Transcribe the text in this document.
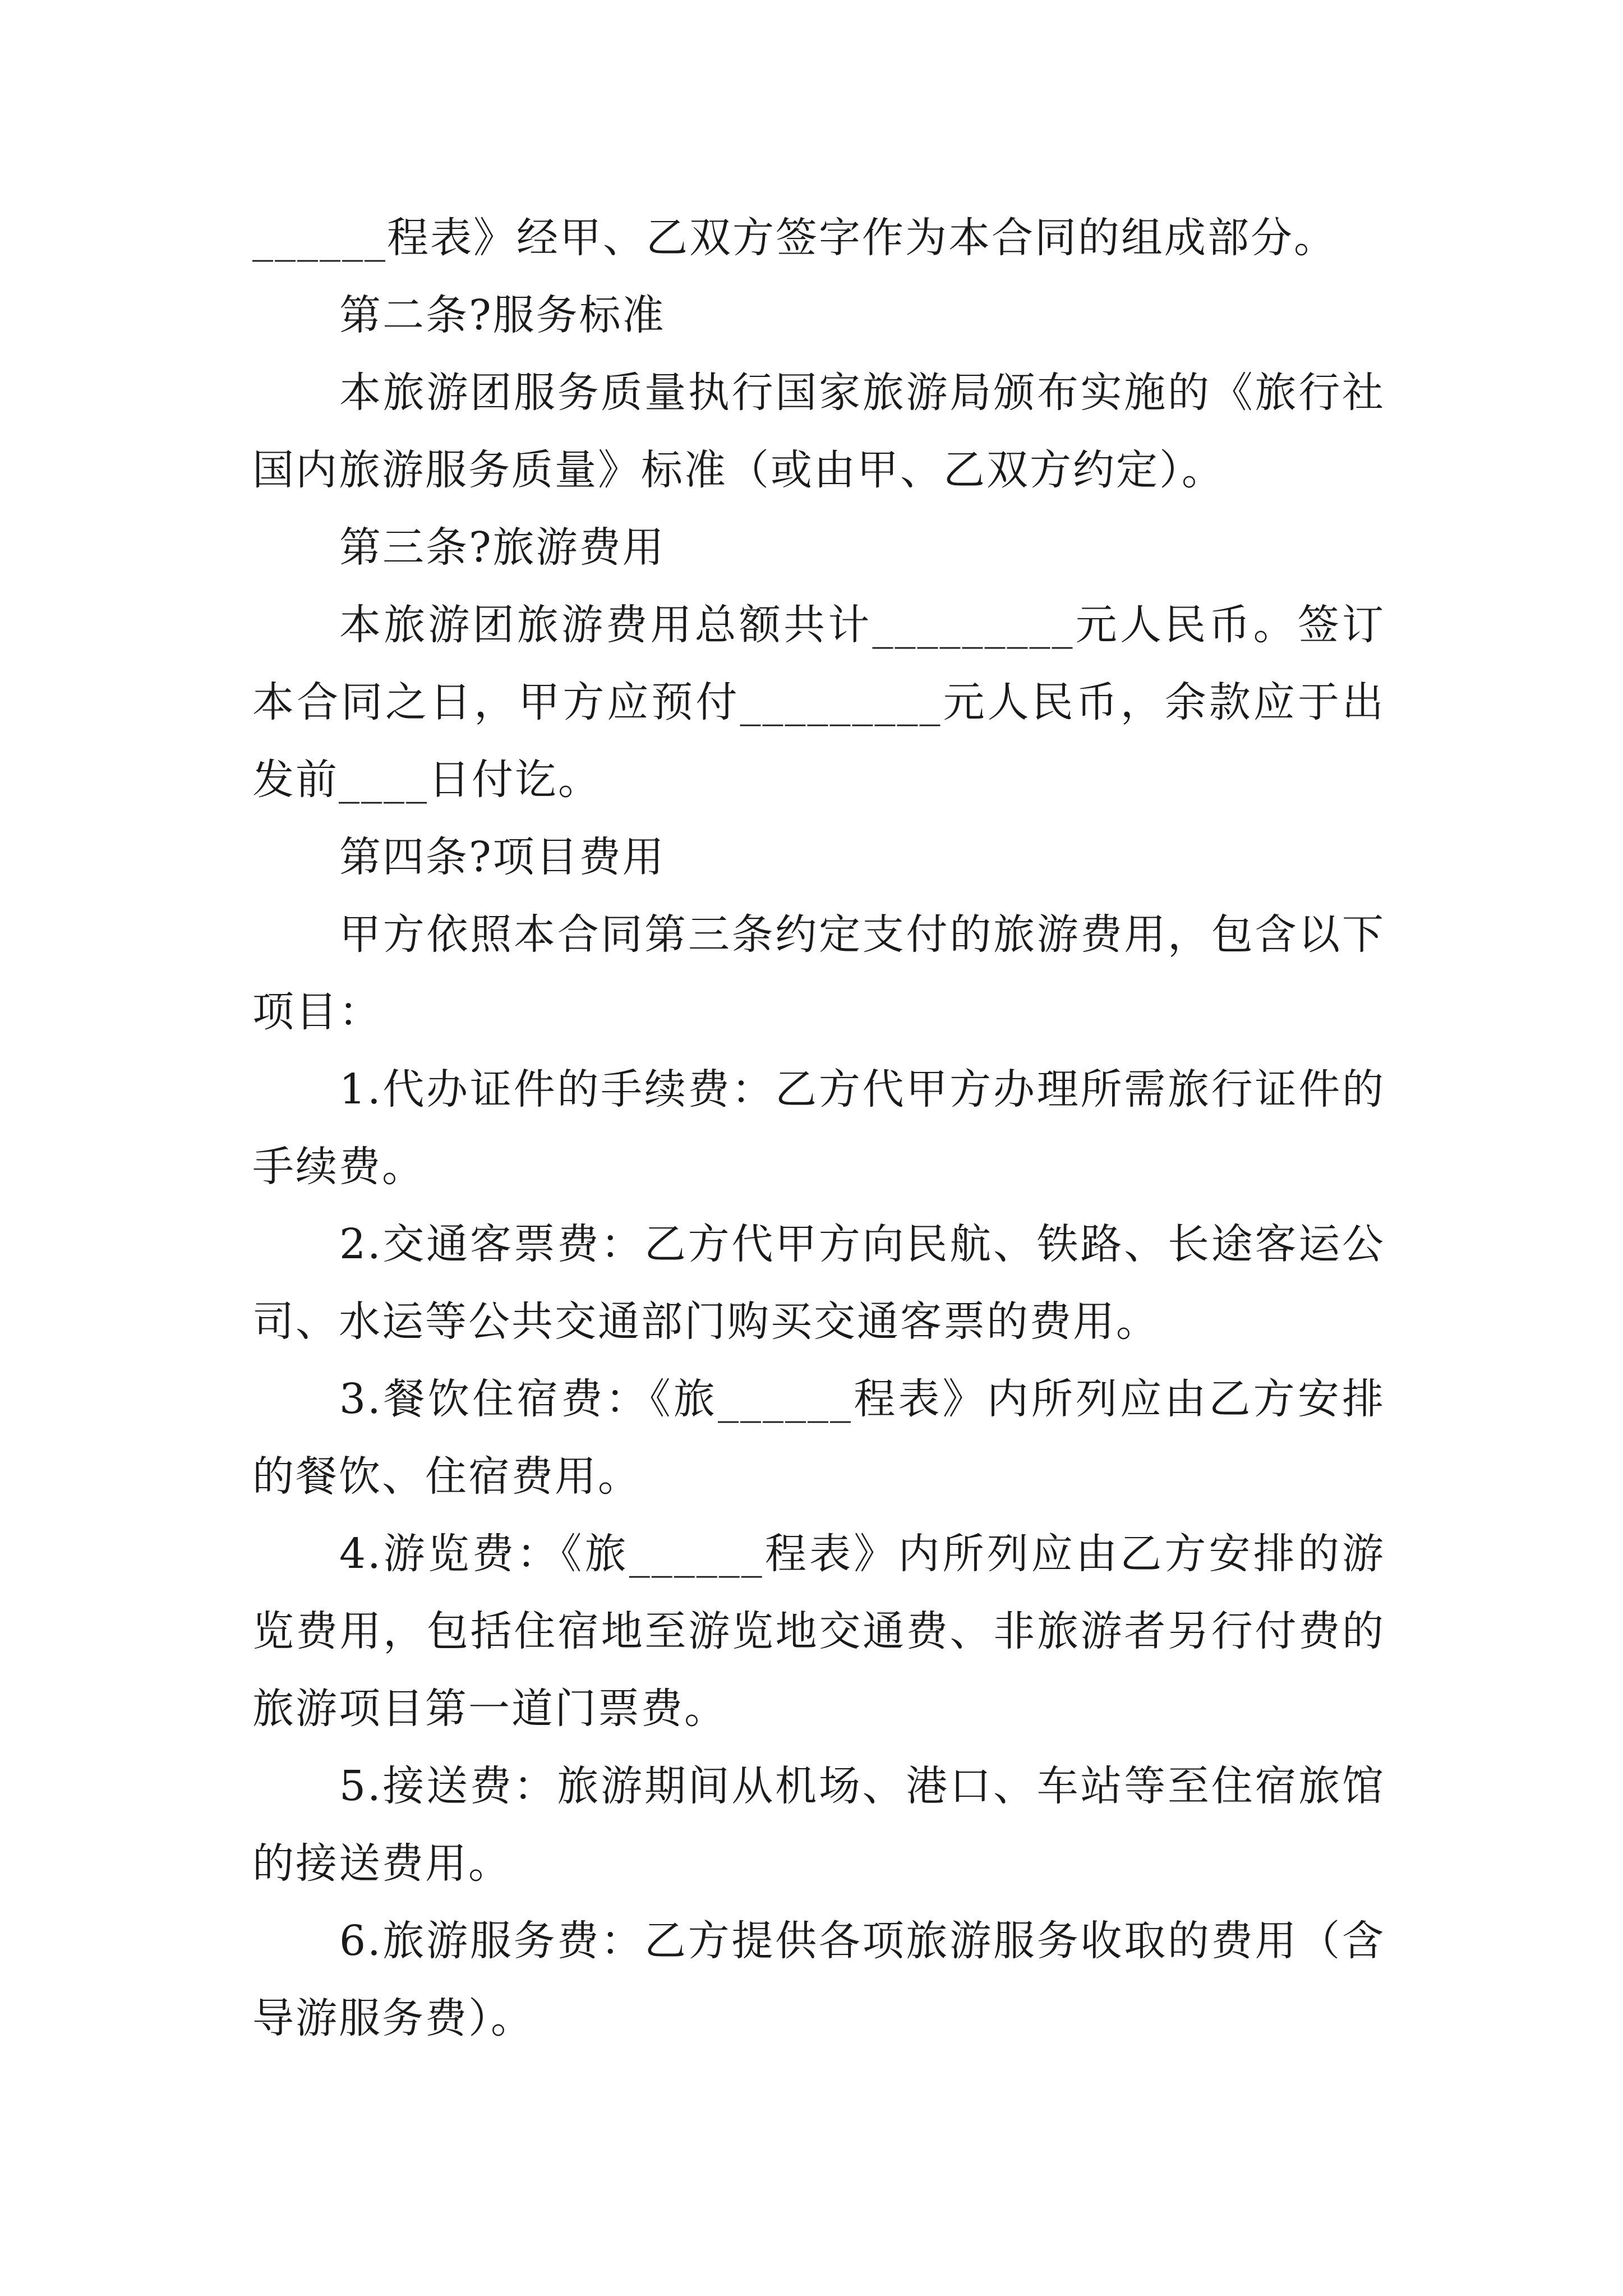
______程表》经甲、乙双方签字作为本合同的组成部分。

第二条?服务标准

本旅游团服务质量执行国家旅游局颁布实施的《旅行社国内旅游服务质量》标准（或由甲、乙双方约定）。

第三条?旅游费用

本旅游团旅游费用总额共计_________元人民币。签订本合同之日，甲方应预付_________元人民币，余款应于出发前____日付讫。

第四条?项目费用

甲方依照本合同第三条约定支付的旅游费用，包含以下项目：

1.代办证件的手续费：乙方代甲方办理所需旅行证件的手续费。

2.交通客票费：乙方代甲方向民航、铁路、长途客运公司、水运等公共交通部门购买交通客票的费用。

3.餐饮住宿费：《旅______程表》内所列应由乙方安排的餐饮、住宿费用。

4.游览费：《旅______程表》内所列应由乙方安排的游览费用，包括住宿地至游览地交通费、非旅游者另行付费的旅游项目第一道门票费。

5.接送费：旅游期间从机场、港口、车站等至住宿旅馆的接送费用。

6.旅游服务费：乙方提供各项旅游服务收取的费用（含导游服务费）。
